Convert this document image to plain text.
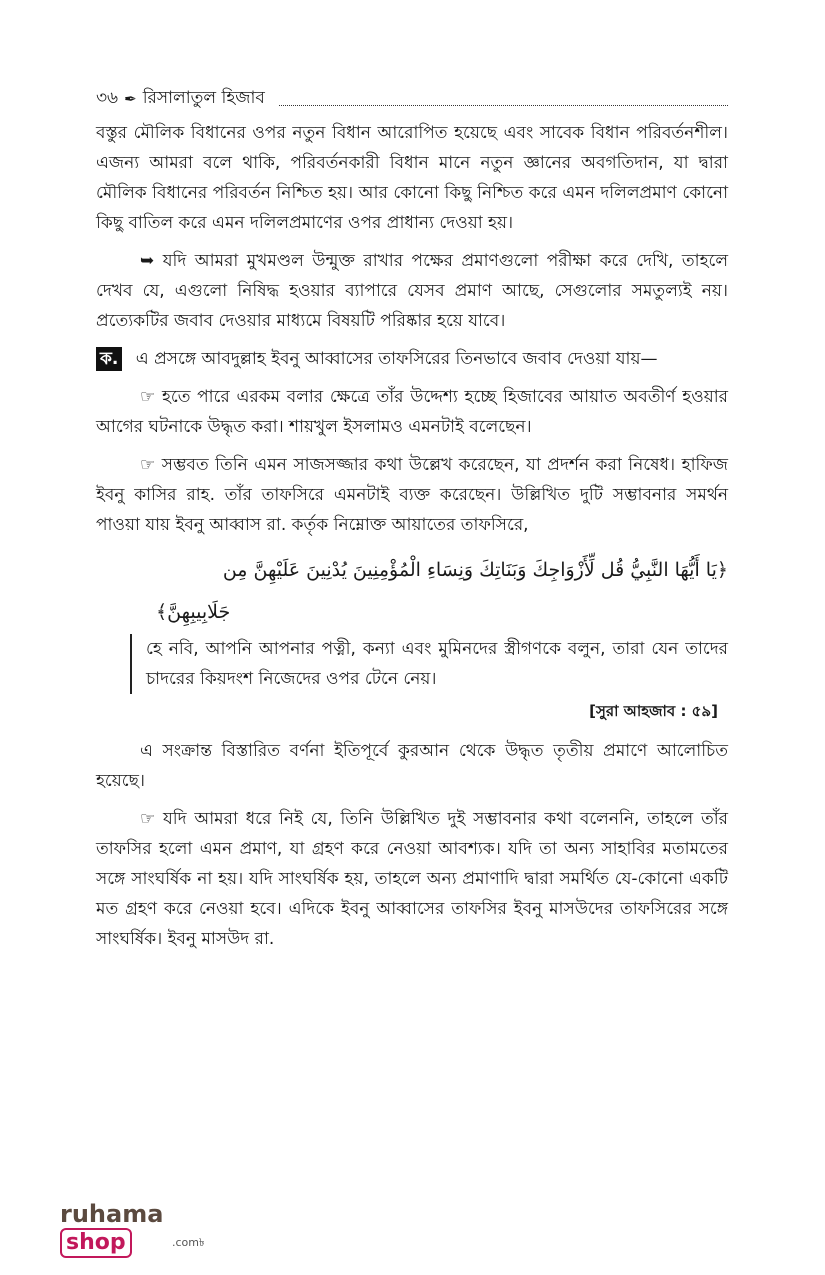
৩৬ ✒ রিসালাতুল হিজাব

বস্তুর মৌলিক বিধানের ওপর নতুন বিধান আরোপিত হয়েছে এবং সাবেক বিধান পরিবর্তনশীল। এজন্য আমরা বলে থাকি, পরিবর্তনকারী বিধান মানে নতুন জ্ঞানের অবগতিদান, যা দ্বারা মৌলিক বিধানের পরিবর্তন নিশ্চিত হয়। আর কোনো কিছু নিশ্চিত করে এমন দলিলপ্রমাণ কোনো কিছু বাতিল করে এমন দলিলপ্রমাণের ওপর প্রাধান্য দেওয়া হয়।

➥ যদি আমরা মুখমণ্ডল উন্মুক্ত রাখার পক্ষের প্রমাণগুলো পরীক্ষা করে দেখি, তাহলে দেখব যে, এগুলো নিষিদ্ধ হওয়ার ব্যাপারে যেসব প্রমাণ আছে, সেগুলোর সমতুল্যই নয়। প্রত্যেকটির জবাব দেওয়ার মাধ্যমে বিষয়টি পরিষ্কার হয়ে যাবে।

ক. এ প্রসঙ্গে আবদুল্লাহ ইবনু আব্বাসের তাফসিরের তিনভাবে জবাব দেওয়া যায়—

☞ হতে পারে এরকম বলার ক্ষেত্রে তাঁর উদ্দেশ্য হচ্ছে হিজাবের আয়াত অবতীর্ণ হওয়ার আগের ঘটনাকে উদ্ধৃত করা। শায়খুল ইসলামও এমনটাই বলেছেন।

☞ সম্ভবত তিনি এমন সাজসজ্জার কথা উল্লেখ করেছেন, যা প্রদর্শন করা নিষেধ। হাফিজ ইবনু কাসির রাহ. তাঁর তাফসিরে এমনটাই ব্যক্ত করেছেন। উল্লিখিত দুটি সম্ভাবনার সমর্থন পাওয়া যায় ইবনু আব্বাস রা. কর্তৃক নিম্নোক্ত আয়াতের তাফসিরে,

﴿يَا أَيُّهَا النَّبِيُّ قُل لِّأَزْوَاجِكَ وَبَنَاتِكَ وَنِسَاءِ الْمُؤْمِنِينَ يُدْنِينَ عَلَيْهِنَّ مِن
جَلَابِيبِهِنَّ﴾
হে নবি, আপনি আপনার পত্নী, কন্যা এবং মুমিনদের স্ত্রীগণকে বলুন, তারা যেন তাদের চাদরের কিয়দংশ নিজেদের ওপর টেনে নেয়।
[সুরা আহজাব : ৫৯]

এ সংক্রান্ত বিস্তারিত বর্ণনা ইতিপূর্বে কুরআন থেকে উদ্ধৃত তৃতীয় প্রমাণে আলোচিত হয়েছে।

☞ যদি আমরা ধরে নিই যে, তিনি উল্লিখিত দুই সম্ভাবনার কথা বলেননি, তাহলে তাঁর তাফসির হলো এমন প্রমাণ, যা গ্রহণ করে নেওয়া আবশ্যক। যদি তা অন্য সাহাবির মতামতের সঙ্গে সাংঘর্ষিক না হয়। যদি সাংঘর্ষিক হয়, তাহলে অন্য প্রমাণাদি দ্বারা সমর্থিত যে-কোনো একটি মত গ্রহণ করে নেওয়া হবে। এদিকে ইবনু আব্বাসের তাফসির ইবনু মাসউদের তাফসিরের সঙ্গে সাংঘর্ষিক। ইবনু মাসউদ রা.

ruhamashop	.com৳
